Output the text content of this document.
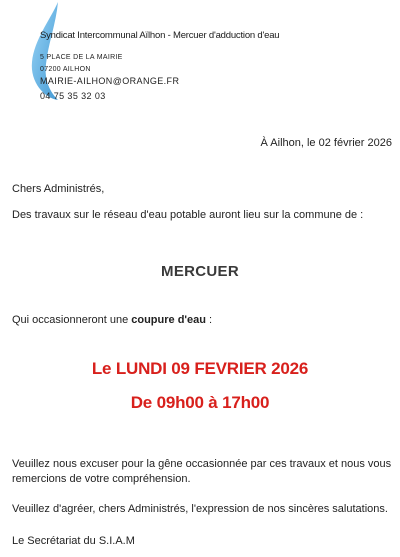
Syndicat Intercommunal Aïlhon - Mercuer d'adduction d'eau
5 PLACE DE LA MAIRIE
07200 AILHON
MAIRIE-AILHON@ORANGE.FR
04 75 35 32 03
À Ailhon, le 02 février 2026
Chers Administrés,
Des travaux sur le réseau d'eau potable auront lieu sur la commune de :
MERCUER
Qui occasionneront une coupure d'eau :
Le LUNDI 09 FEVRIER 2026
De 09h00 à 17h00
Veuillez nous excuser pour la gêne occasionnée par ces travaux et nous vous remercions de votre compréhension.
Veuillez d'agréer, chers Administrés, l'expression de nos sincères salutations.
Le Secrétariat du S.I.A.M
